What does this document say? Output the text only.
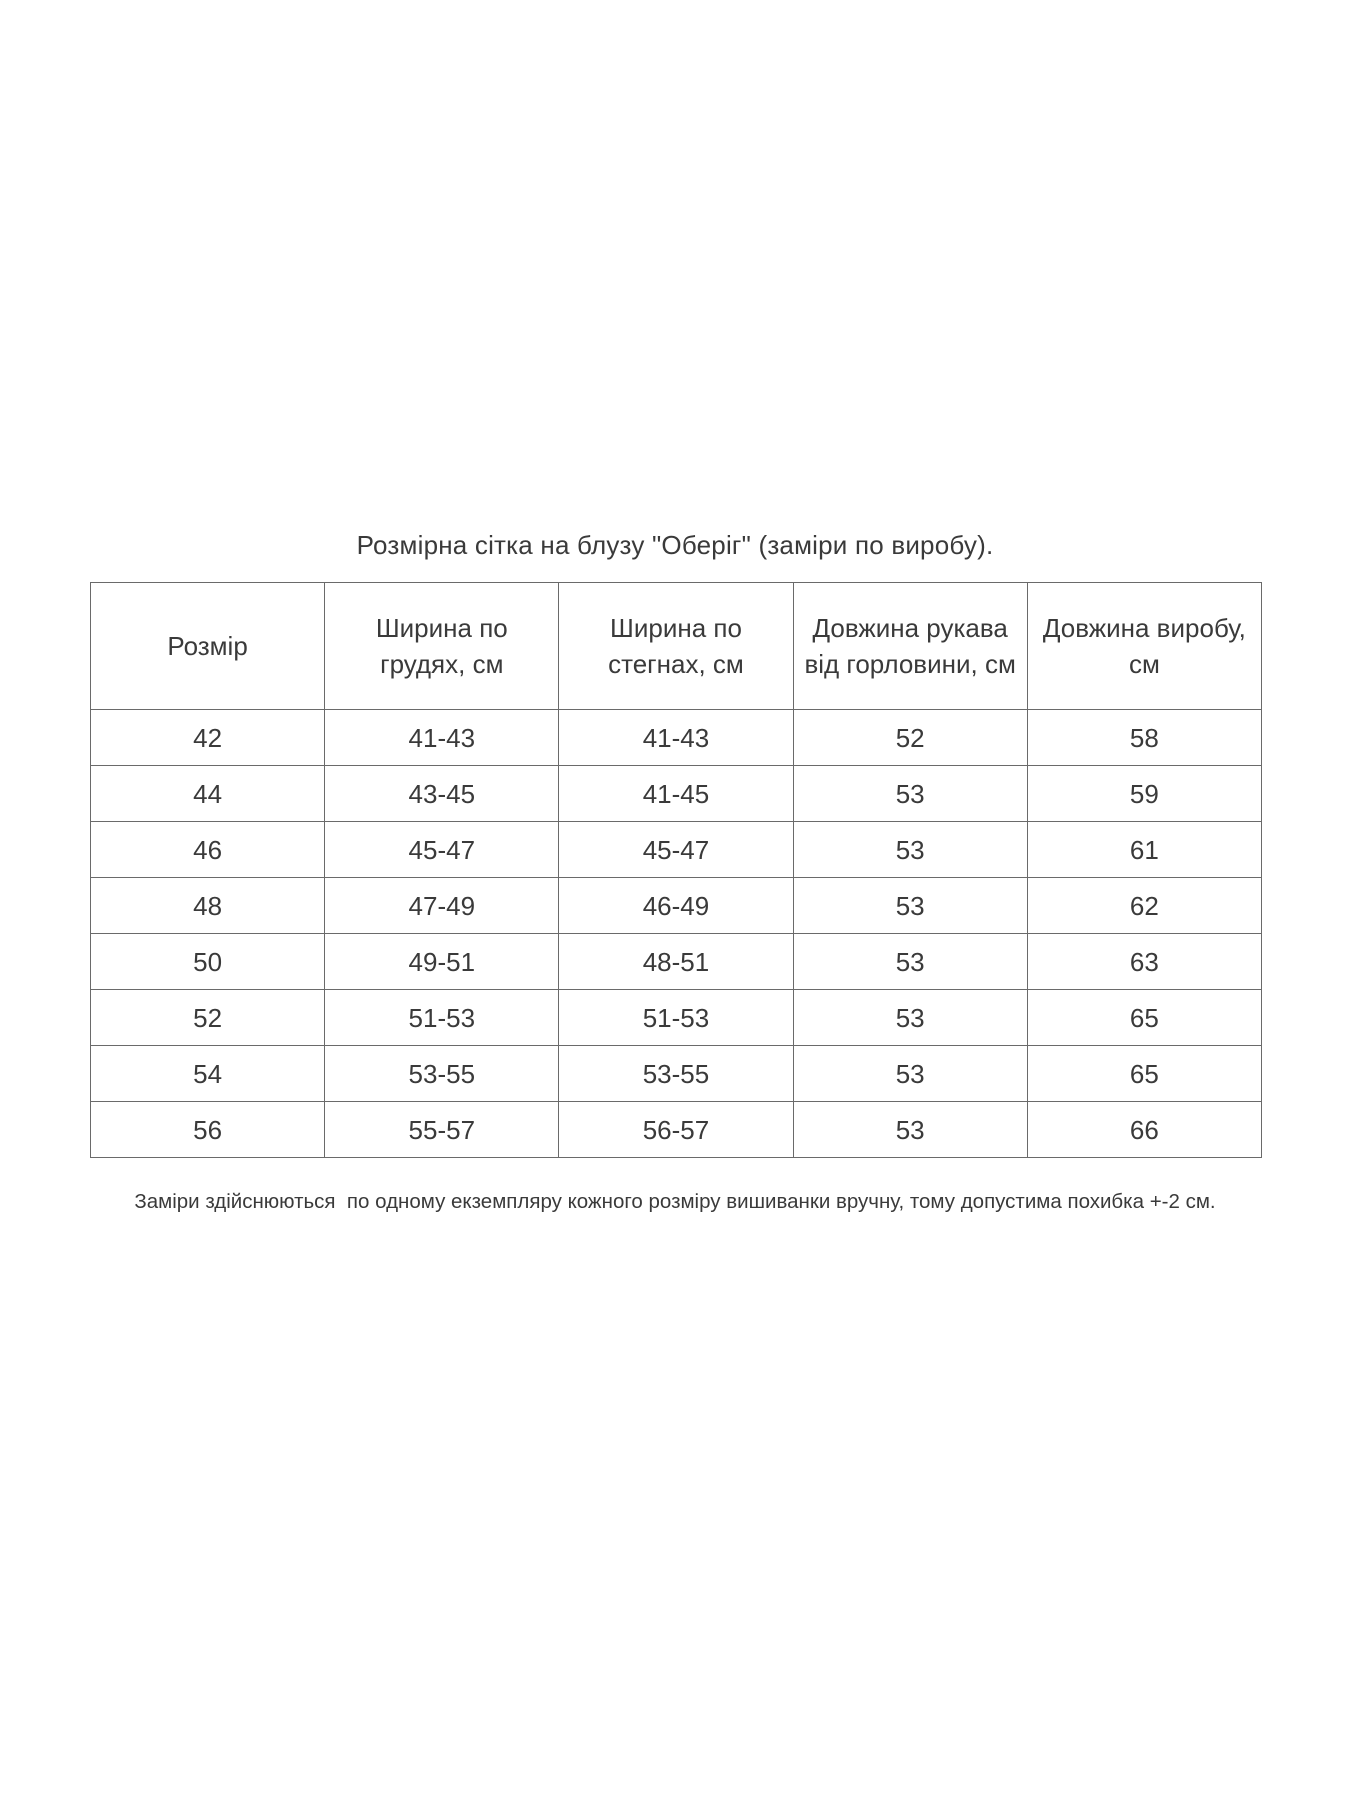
Розмірна сітка на блузу "Оберіг" (заміри по виробу).
Розмір	Ширина по грудях, см	Ширина по стегнах, см	Довжина рукава від горловини, см	Довжина виробу, см
42	41-43	41-43	52	58
44	43-45	41-45	53	59
46	45-47	45-47	53	61
48	47-49	46-49	53	62
50	49-51	48-51	53	63
52	51-53	51-53	53	65
54	53-55	53-55	53	65
56	55-57	56-57	53	66
Заміри здійснюються  по одному екземпляру кожного розміру вишиванки вручну, тому допустима похибка +-2 см.
